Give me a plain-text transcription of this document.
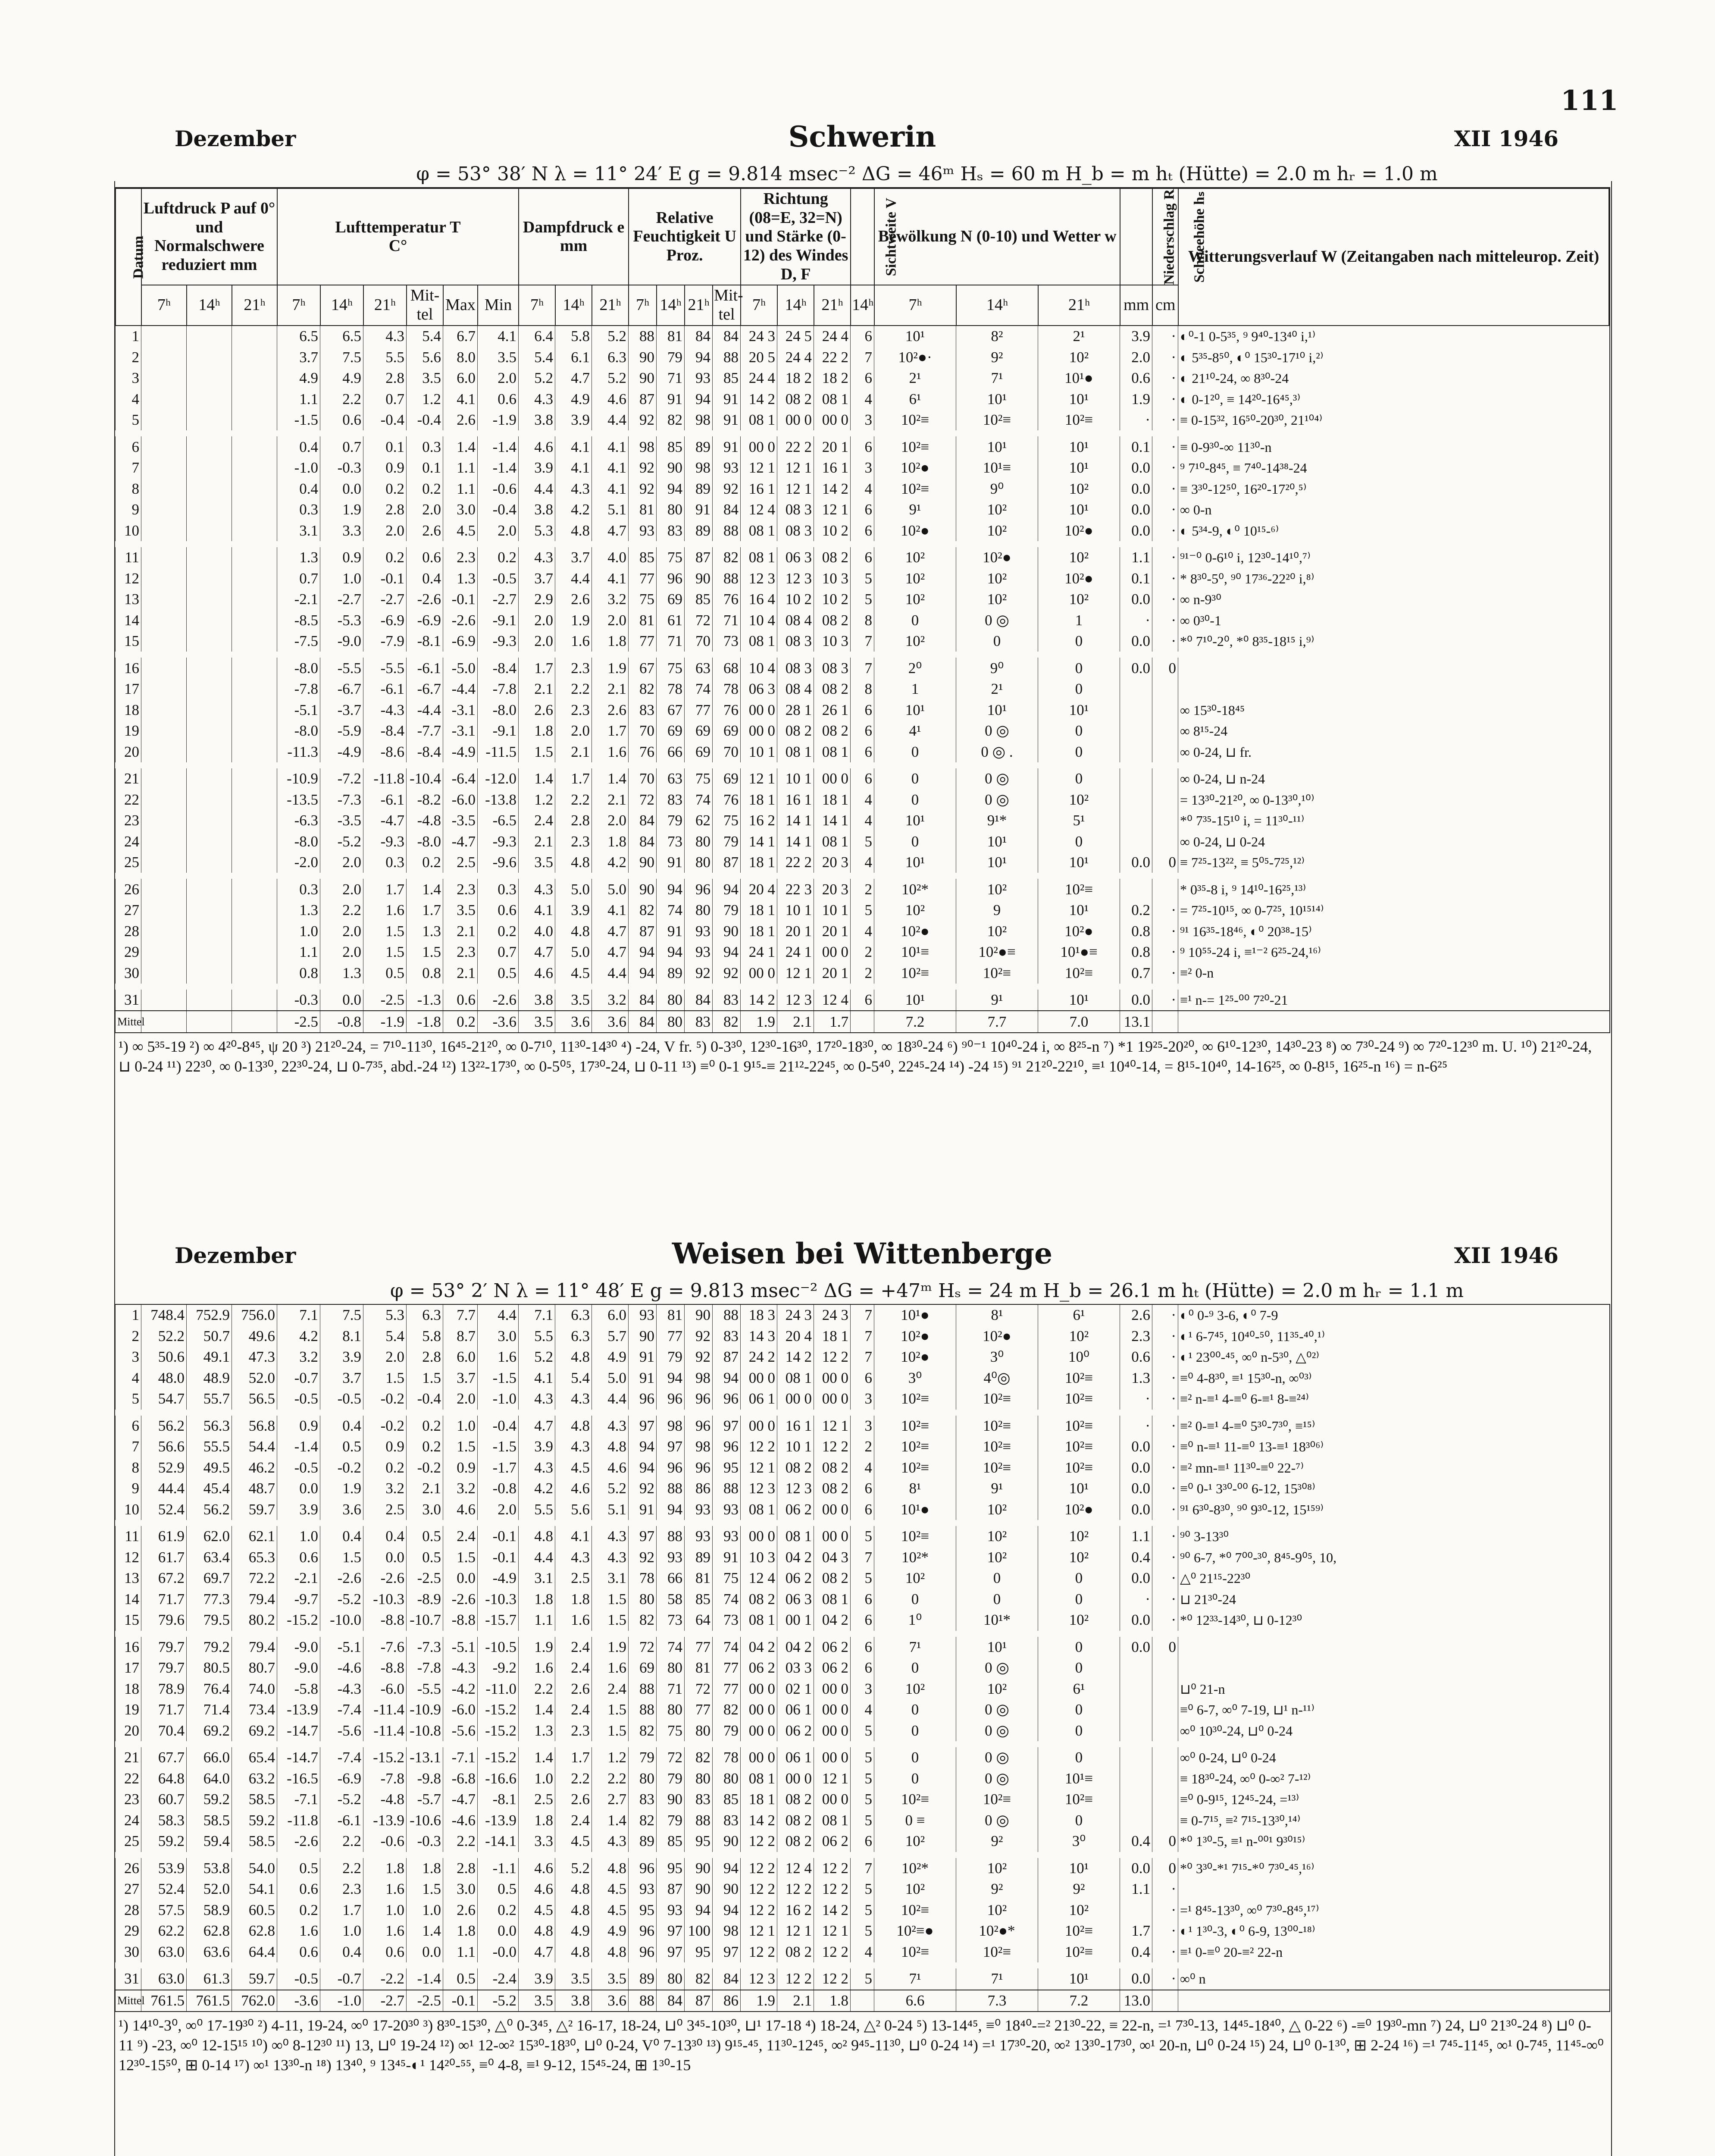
111
Dezember	Schwerin	XII 1946
φ = 53° 38′ N λ = 11° 24′ E g = 9.814 msec⁻² ΔG = 46ᵐ Hₛ = 60 m H_b = m hₜ (Hütte) = 2.0 m hᵣ = 1.0 m
Datum	Luftdruck P auf 0° und Normalschwere reduziert mm			Lufttemperatur T
C°						Dampfdruck e
mm			Relative Feuchtigkeit U
Proz.				Richtung (08=E, 32=N) und Stärke (0-12) des Windes D, F			Sichtweite V	Bewölkung N (0-10) und Wetter w			Niederschlag R	Schneehöhe hₛ	Witterungsverlauf W (Zeitangaben nach mitteleurop. Zeit)
	7ʰ	14ʰ	21ʰ	7ʰ	14ʰ	21ʰ	Mit-tel	Max	Min	7ʰ	14ʰ	21ʰ	7ʰ	14ʰ	21ʰ	Mit-tel	7ʰ	14ʰ	21ʰ	14ʰ	7ʰ	14ʰ	21ʰ	mm	cm	
1				6.5	6.5	4.3	5.4	6.7	4.1	6.4	5.8	5.2	88	81	84	84	24 3	24 5	24 4	6	10¹	8²	2¹	3.9	·	◐⁰-1 0-5³⁵, ⁹ 9⁴⁰-13⁴⁰ i,¹⁾
2				3.7	7.5	5.5	5.6	8.0	3.5	5.4	6.1	6.3	90	79	94	88	20 5	24 4	22 2	7	10²●·	9²	10²	2.0	·	◐ 5³⁵-8⁵⁰, ◐⁰ 15³⁰-17¹⁰ i,²⁾
3				4.9	4.9	2.8	3.5	6.0	2.0	5.2	4.7	5.2	90	71	93	85	24 4	18 2	18 2	6	2¹	7¹	10¹●	0.6	·	◐ 21¹⁰-24, ∞ 8³⁰-24
4				1.1	2.2	0.7	1.2	4.1	0.6	4.3	4.9	4.6	87	91	94	91	14 2	08 2	08 1	4	6¹	10¹	10¹	1.9	·	◐ 0-1²⁰, ≡ 14²⁰-16⁴⁵,³⁾
5				-1.5	0.6	-0.4	-0.4	2.6	-1.9	3.8	3.9	4.4	92	82	98	91	08 1	00 0	00 0	3	10²≡	10²≡	10²≡	·	·	≡ 0-15³², 16⁵⁰-20³⁰, 21¹⁰⁴⁾
6				0.4	0.7	0.1	0.3	1.4	-1.4	4.6	4.1	4.1	98	85	89	91	00 0	22 2	20 1	6	10²≡	10¹	10¹	0.1	·	≡ 0-9³⁰-∞ 11³⁰-n
7				-1.0	-0.3	0.9	0.1	1.1	-1.4	3.9	4.1	4.1	92	90	98	93	12 1	12 1	16 1	3	10²●	10¹≡	10¹	0.0	·	⁹ 7¹⁰-8⁴⁵, ≡ 7⁴⁰-14³⁸-24
8				0.4	0.0	0.2	0.2	1.1	-0.6	4.4	4.3	4.1	92	94	89	92	16 1	12 1	14 2	4	10²≡	9⁰	10²	0.0	·	≡ 3³⁰-12⁵⁰, 16²⁰-17²⁰,⁵⁾
9				0.3	1.9	2.8	2.0	3.0	-0.4	3.8	4.2	5.1	81	80	91	84	12 4	08 3	12 1	6	9¹	10²	10¹	0.0	·	∞ 0-n
10				3.1	3.3	2.0	2.6	4.5	2.0	5.3	4.8	4.7	93	83	89	88	08 1	08 3	10 2	6	10²●	10²	10²●	0.0	·	◐ 5³⁴-9, ◐⁰ 10¹⁵-⁶⁾
11				1.3	0.9	0.2	0.6	2.3	0.2	4.3	3.7	4.0	85	75	87	82	08 1	06 3	08 2	6	10²	10²●	10²	1.1	·	⁹¹⁻⁰ 0-6¹⁰ i, 12³⁰-14¹⁰,⁷⁾
12				0.7	1.0	-0.1	0.4	1.3	-0.5	3.7	4.4	4.1	77	96	90	88	12 3	12 3	10 3	5	10²	10²	10²●	0.1	·	* 8³⁰-5⁰, ⁹⁰ 17³⁶-22²⁰ i,⁸⁾
13				-2.1	-2.7	-2.7	-2.6	-0.1	-2.7	2.9	2.6	3.2	75	69	85	76	16 4	10 2	10 2	5	10²	10²	10²	0.0	·	∞ n-9³⁰
14				-8.5	-5.3	-6.9	-6.9	-2.6	-9.1	2.0	1.9	2.0	81	61	72	71	10 4	08 4	08 2	8	0	0 ◎	1	·	·	∞ 0³⁰-1
15				-7.5	-9.0	-7.9	-8.1	-6.9	-9.3	2.0	1.6	1.8	77	71	70	73	08 1	08 3	10 3	7	10²	0	0	0.0	·	*⁰ 7¹⁰-2⁰, *⁰ 8³⁵-18¹⁵ i,⁹⁾
16				-8.0	-5.5	-5.5	-6.1	-5.0	-8.4	1.7	2.3	1.9	67	75	63	68	10 4	08 3	08 3	7	2⁰	9⁰	0	0.0	0	
17				-7.8	-6.7	-6.1	-6.7	-4.4	-7.8	2.1	2.2	2.1	82	78	74	78	06 3	08 4	08 2	8	1	2¹	0			
18				-5.1	-3.7	-4.3	-4.4	-3.1	-8.0	2.6	2.3	2.6	83	67	77	76	00 0	28 1	26 1	6	10¹	10¹	10¹			∞ 15³⁰-18⁴⁵
19				-8.0	-5.9	-8.4	-7.7	-3.1	-9.1	1.8	2.0	1.7	70	69	69	69	00 0	08 2	08 2	6	4¹	0 ◎	0			∞ 8¹⁵-24
20				-11.3	-4.9	-8.6	-8.4	-4.9	-11.5	1.5	2.1	1.6	76	66	69	70	10 1	08 1	08 1	6	0	0 ◎ .	0			∞ 0-24, ⊔ fr.
21				-10.9	-7.2	-11.8	-10.4	-6.4	-12.0	1.4	1.7	1.4	70	63	75	69	12 1	10 1	00 0	6	0	0 ◎	0			∞ 0-24, ⊔ n-24
22				-13.5	-7.3	-6.1	-8.2	-6.0	-13.8	1.2	2.2	2.1	72	83	74	76	18 1	16 1	18 1	4	0	0 ◎	10²			= 13³⁰-21²⁰, ∞ 0-13³⁰,¹⁰⁾
23				-6.3	-3.5	-4.7	-4.8	-3.5	-6.5	2.4	2.8	2.0	84	79	62	75	16 2	14 1	14 1	4	10¹	9¹*	5¹			*⁰ 7³⁵-15¹⁰ i, = 11³⁰-¹¹⁾
24				-8.0	-5.2	-9.3	-8.0	-4.7	-9.3	2.1	2.3	1.8	84	73	80	79	14 1	14 1	08 1	5	0	10¹	0			∞ 0-24, ⊔ 0-24
25				-2.0	2.0	0.3	0.2	2.5	-9.6	3.5	4.8	4.2	90	91	80	87	18 1	22 2	20 3	4	10¹	10¹	10¹	0.0	0	≡ 7²⁵-13²², ≡ 5⁰⁵-7²⁵,¹²⁾
26				0.3	2.0	1.7	1.4	2.3	0.3	4.3	5.0	5.0	90	94	96	94	20 4	22 3	20 3	2	10²*	10²	10²≡			* 0³⁵-8 i, ⁹ 14¹⁰-16²⁵,¹³⁾
27				1.3	2.2	1.6	1.7	3.5	0.6	4.1	3.9	4.1	82	74	80	79	18 1	10 1	10 1	5	10²	9	10¹	0.2	·	= 7²⁵-10¹⁵, ∞ 0-7²⁵, 10¹⁵¹⁴⁾
28				1.0	2.0	1.5	1.3	2.1	0.2	4.0	4.8	4.7	87	91	93	90	18 1	20 1	20 1	4	10²●	10²	10²●	0.8	·	⁹¹ 16³⁵-18⁴⁶, ◐⁰ 20³⁸-15⁾
29				1.1	2.0	1.5	1.5	2.3	0.7	4.7	5.0	4.7	94	94	93	94	24 1	24 1	00 0	2	10¹≡	10²●≡	10¹●≡	0.8	·	⁹ 10⁵⁵-24 i, ≡¹⁻² 6²⁵-24,¹⁶⁾
30				0.8	1.3	0.5	0.8	2.1	0.5	4.6	4.5	4.4	94	89	92	92	00 0	12 1	20 1	2	10²≡	10²≡	10²≡	0.7	·	≡² 0-n
31				-0.3	0.0	-2.5	-1.3	0.6	-2.6	3.8	3.5	3.2	84	80	84	83	14 2	12 3	12 4	6	10¹	9¹	10¹	0.0	·	≡¹ n-= 1²⁵-⁰⁰ 7²⁰-21
Mittel				-2.5	-0.8	-1.9	-1.8	0.2	-3.6	3.5	3.6	3.6	84	80	83	82	1.9	2.1	1.7		7.2	7.7	7.0	13.1		
¹) ∞ 5³⁵-19 ²) ∞ 4²⁰-8⁴⁵, ψ 20 ³) 21²⁰-24, = 7¹⁰-11³⁰, 16⁴⁵-21²⁰, ∞ 0-7¹⁰, 11³⁰-14³⁰ ⁴) -24, V fr. ⁵) 0-3³⁰, 12³⁰-16³⁰, 17²⁰-18³⁰, ∞ 18³⁰-24 ⁶) ⁹⁰⁻¹ 10⁴⁰-24 i, ∞ 8²⁵-n ⁷) *1 19²⁵-20²⁰, ∞ 6¹⁰-12³⁰, 14³⁰-23 ⁸) ∞ 7³⁰-24 ⁹) ∞ 7²⁰-12³⁰ m. U. ¹⁰) 21²⁰-24, ⊔ 0-24 ¹¹) 22³⁰, ∞ 0-13³⁰, 22³⁰-24, ⊔ 0-7³⁵, abd.-24 ¹²) 13²²-17³⁰, ∞ 0-5⁰⁵, 17³⁰-24, ⊔ 0-11 ¹³) ≡⁰ 0-1 9¹⁵-≡ 21¹²-22⁴⁵, ∞ 0-5⁴⁰, 22⁴⁵-24 ¹⁴) -24 ¹⁵) ⁹¹ 21²⁰-22¹⁰, ≡¹ 10⁴⁰-14, = 8¹⁵-10⁴⁰, 14-16²⁵, ∞ 0-8¹⁵, 16²⁵-n ¹⁶) = n-6²⁵
Dezember	Weisen bei Wittenberge	XII 1946
φ = 53° 2′ N λ = 11° 48′ E g = 9.813 msec⁻² ΔG = +47ᵐ Hₛ = 24 m H_b = 26.1 m hₜ (Hütte) = 2.0 m hᵣ = 1.1 m
1	748.4	752.9	756.0	7.1	7.5	5.3	6.3	7.7	4.4	7.1	6.3	6.0	93	81	90	88	18 3	24 3	24 3	7	10¹●	8¹	6¹	2.6	·	◐⁰ 0-⁹ 3-6, ◐⁰ 7-9
2	52.2	50.7	49.6	4.2	8.1	5.4	5.8	8.7	3.0	5.5	6.3	5.7	90	77	92	83	14 3	20 4	18 1	7	10²●	10²●	10²	2.3	·	◐¹ 6-7⁴⁵, 10⁴⁰-⁵⁰, 11³⁵-⁴⁰,¹⁾
3	50.6	49.1	47.3	3.2	3.9	2.0	2.8	6.0	1.6	5.2	4.8	4.9	91	79	92	87	24 2	14 2	12 2	7	10²●	3⁰	10⁰	0.6	·	◐¹ 23⁰⁰-⁴⁵, ∞⁰ n-5³⁰, △⁰²⁾
4	48.0	48.9	52.0	-0.7	3.7	1.5	1.5	3.7	-1.5	4.1	5.4	5.0	91	94	98	94	00 0	08 1	00 0	6	3⁰	4⁰◎	10²≡	1.3	·	≡⁰ 4-8³⁰, ≡¹ 15³⁰-n, ∞⁰³⁾
5	54.7	55.7	56.5	-0.5	-0.5	-0.2	-0.4	2.0	-1.0	4.3	4.3	4.4	96	96	96	96	06 1	00 0	00 0	3	10²≡	10²≡	10²≡	·	·	≡² n-≡¹ 4-≡⁰ 6-≡¹ 8-≡²⁴⁾
6	56.2	56.3	56.8	0.9	0.4	-0.2	0.2	1.0	-0.4	4.7	4.8	4.3	97	98	96	97	00 0	16 1	12 1	3	10²≡	10²≡	10²≡	·	·	≡² 0-≡¹ 4-≡⁰ 5³⁰-7³⁰, ≡¹⁵⁾
7	56.6	55.5	54.4	-1.4	0.5	0.9	0.2	1.5	-1.5	3.9	4.3	4.8	94	97	98	96	12 2	10 1	12 2	2	10²≡	10²≡	10²≡	0.0	·	≡⁰ n-≡¹ 11-≡⁰ 13-≡¹ 18³⁰⁶⁾
8	52.9	49.5	46.2	-0.5	-0.2	0.2	-0.2	0.9	-1.7	4.3	4.5	4.6	94	96	96	95	12 1	08 2	08 2	4	10²≡	10²≡	10²≡	0.0	·	≡² mn-≡¹ 11³⁰-≡⁰ 22-⁷⁾
9	44.4	45.4	48.7	0.0	1.9	3.2	2.1	3.2	-0.8	4.2	4.6	5.2	92	88	86	88	12 3	12 3	08 2	6	8¹	9¹	10¹	0.0	·	≡⁰ 0-¹ 3³⁰-⁰⁰ 6-12, 15³⁰⁸⁾
10	52.4	56.2	59.7	3.9	3.6	2.5	3.0	4.6	2.0	5.5	5.6	5.1	91	94	93	93	08 1	06 2	00 0	6	10¹●	10²	10²●	0.0	·	⁹¹ 6³⁰-8³⁰, ⁹⁰ 9³⁰-12, 15¹⁵⁹⁾
11	61.9	62.0	62.1	1.0	0.4	0.4	0.5	2.4	-0.1	4.8	4.1	4.3	97	88	93	93	00 0	08 1	00 0	5	10²≡	10²	10²	1.1	·	⁹⁰ 3-13³⁰
12	61.7	63.4	65.3	0.6	1.5	0.0	0.5	1.5	-0.1	4.4	4.3	4.3	92	93	89	91	10 3	04 2	04 3	7	10²*	10²	10²	0.4	·	⁹⁰ 6-7, *⁰ 7⁰⁰-³⁰, 8⁴⁵-9⁰⁵, 10,
13	67.2	69.7	72.2	-2.1	-2.6	-2.6	-2.5	0.0	-4.9	3.1	2.5	3.1	78	66	81	75	12 4	06 2	08 2	5	10²	0	0	0.0	·	△⁰ 21¹⁵-22³⁰
14	71.7	77.3	79.4	-9.7	-5.2	-10.3	-8.9	-2.6	-10.3	1.8	1.8	1.5	80	58	85	74	08 2	06 3	08 1	6	0	0	0	·	·	⊔ 21³⁰-24
15	79.6	79.5	80.2	-15.2	-10.0	-8.8	-10.7	-8.8	-15.7	1.1	1.6	1.5	82	73	64	73	08 1	00 1	04 2	6	1⁰	10¹*	10²	0.0	·	*⁰ 12³³-14³⁰, ⊔ 0-12³⁰
16	79.7	79.2	79.4	-9.0	-5.1	-7.6	-7.3	-5.1	-10.5	1.9	2.4	1.9	72	74	77	74	04 2	04 2	06 2	6	7¹	10¹	0	0.0	0	
17	79.7	80.5	80.7	-9.0	-4.6	-8.8	-7.8	-4.3	-9.2	1.6	2.4	1.6	69	80	81	77	06 2	03 3	06 2	6	0	0 ◎	0			
18	78.9	76.4	74.0	-5.8	-4.3	-6.0	-5.5	-4.2	-11.0	2.2	2.6	2.4	88	71	72	77	00 0	02 1	00 0	3	10²	10²	6¹			⊔⁰ 21-n
19	71.7	71.4	73.4	-13.9	-7.4	-11.4	-10.9	-6.0	-15.2	1.4	2.4	1.5	88	80	77	82	00 0	06 1	00 0	4	0	0 ◎	0			≡⁰ 6-7, ∞⁰ 7-19, ⊔¹ n-¹¹⁾
20	70.4	69.2	69.2	-14.7	-5.6	-11.4	-10.8	-5.6	-15.2	1.3	2.3	1.5	82	75	80	79	00 0	06 2	00 0	5	0	0 ◎	0			∞⁰ 10³⁰-24, ⊔⁰ 0-24
21	67.7	66.0	65.4	-14.7	-7.4	-15.2	-13.1	-7.1	-15.2	1.4	1.7	1.2	79	72	82	78	00 0	06 1	00 0	5	0	0 ◎	0			∞⁰ 0-24, ⊔⁰ 0-24
22	64.8	64.0	63.2	-16.5	-6.9	-7.8	-9.8	-6.8	-16.6	1.0	2.2	2.2	80	79	80	80	08 1	00 0	12 1	5	0	0 ◎	10¹≡			≡ 18³⁰-24, ∞⁰ 0-∞² 7-¹²⁾
23	60.7	59.2	58.5	-7.1	-5.2	-4.8	-5.7	-4.7	-8.1	2.5	2.6	2.7	83	90	83	85	18 1	08 2	00 0	5	10²≡	10²≡	10²≡			≡⁰ 0-9¹⁵, 12⁴⁵-24, =¹³⁾
24	58.3	58.5	59.2	-11.8	-6.1	-13.9	-10.6	-4.6	-13.9	1.8	2.4	1.4	82	79	88	83	14 2	08 2	08 1	5	0 ≡	0 ◎	0			≡ 0-7¹⁵, ≡² 7¹⁵-13³⁰,¹⁴⁾
25	59.2	59.4	58.5	-2.6	2.2	-0.6	-0.3	2.2	-14.1	3.3	4.5	4.3	89	85	95	90	12 2	08 2	06 2	6	10²	9²	3⁰	0.4	0	*⁰ 1³⁰-5, ≡¹ n-⁰⁰¹ 9³⁰¹⁵⁾
26	53.9	53.8	54.0	0.5	2.2	1.8	1.8	2.8	-1.1	4.6	5.2	4.8	96	95	90	94	12 2	12 4	12 2	7	10²*	10²	10¹	0.0	0	*⁰ 3³⁰-*¹ 7¹⁵-*⁰ 7³⁰-⁴⁵,¹⁶⁾
27	52.4	52.0	54.1	0.6	2.3	1.6	1.5	3.0	0.5	4.6	4.8	4.5	93	87	90	90	12 2	12 2	12 2	5	10²	9²	9²	1.1	·	
28	57.5	58.9	60.5	0.2	1.7	1.0	1.0	2.6	0.2	4.5	4.8	4.5	95	93	94	94	12 2	16 2	14 2	5	10²≡	10²	10²		·	=¹ 8⁴⁵-13³⁰, ∞⁰ 7³⁰-8⁴⁵,¹⁷⁾
29	62.2	62.8	62.8	1.6	1.0	1.6	1.4	1.8	0.0	4.8	4.9	4.9	96	97	100	98	12 1	12 1	12 1	5	10²≡●	10²●*	10²≡	1.7	·	◐¹ 1³⁰-3, ◐⁰ 6-9, 13⁰⁰-¹⁸⁾
30	63.0	63.6	64.4	0.6	0.4	0.6	0.0	1.1	-0.0	4.7	4.8	4.8	96	97	95	97	12 2	08 2	12 2	4	10²≡	10²≡	10²≡	0.4	·	≡¹ 0-≡⁰ 20-≡² 22-n
31	63.0	61.3	59.7	-0.5	-0.7	-2.2	-1.4	0.5	-2.4	3.9	3.5	3.5	89	80	82	84	12 3	12 2	12 2	5	7¹	7¹	10¹	0.0	·	∞⁰ n
Mittel	761.5	761.5	762.0	-3.6	-1.0	-2.7	-2.5	-0.1	-5.2	3.5	3.8	3.6	88	84	87	86	1.9	2.1	1.8		6.6	7.3	7.2	13.0		
¹) 14¹⁰-3⁰, ∞⁰ 17-19³⁰ ²) 4-11, 19-24, ∞⁰ 17-20³⁰ ³) 8³⁰-15³⁰, △⁰ 0-3⁴⁵, △² 16-17, 18-24, ⊔⁰ 3⁴⁵-10³⁰, ⊔¹ 17-18 ⁴) 18-24, △² 0-24 ⁵) 13-14⁴⁵, ≡⁰ 18⁴⁰-=² 21³⁰-22, ≡ 22-n, =¹ 7³⁰-13, 14⁴⁵-18⁴⁰, △ 0-22 ⁶) -≡⁰ 19³⁰-mn ⁷) 24, ⊔⁰ 21³⁰-24 ⁸) ⊔⁰ 0-11 ⁹) -23, ∞⁰ 12-15¹⁵ ¹⁰) ∞⁰ 8-12³⁰ ¹¹) 13, ⊔⁰ 19-24 ¹²) ∞¹ 12-∞² 15³⁰-18³⁰, ⊔⁰ 0-24, V⁰ 7-13³⁰ ¹³) 9¹⁵-⁴⁵, 11³⁰-12⁴⁵, ∞² 9⁴⁵-11³⁰, ⊔⁰ 0-24 ¹⁴) =¹ 17³⁰-20, ∞² 13³⁰-17³⁰, ∞¹ 20-n, ⊔⁰ 0-24 ¹⁵) 24, ⊔⁰ 0-1³⁰, ⊞ 2-24 ¹⁶) =¹ 7⁴⁵-11⁴⁵, ∞¹ 0-7⁴⁵, 11⁴⁵-∞⁰ 12³⁰-15⁵⁰, ⊞ 0-14 ¹⁷) ∞¹ 13³⁰-n ¹⁸) 13⁴⁰, ⁹ 13⁴⁵-◐¹ 14²⁰-⁵⁵, ≡⁰ 4-8, ≡¹ 9-12, 15⁴⁵-24, ⊞ 1³⁰-15
